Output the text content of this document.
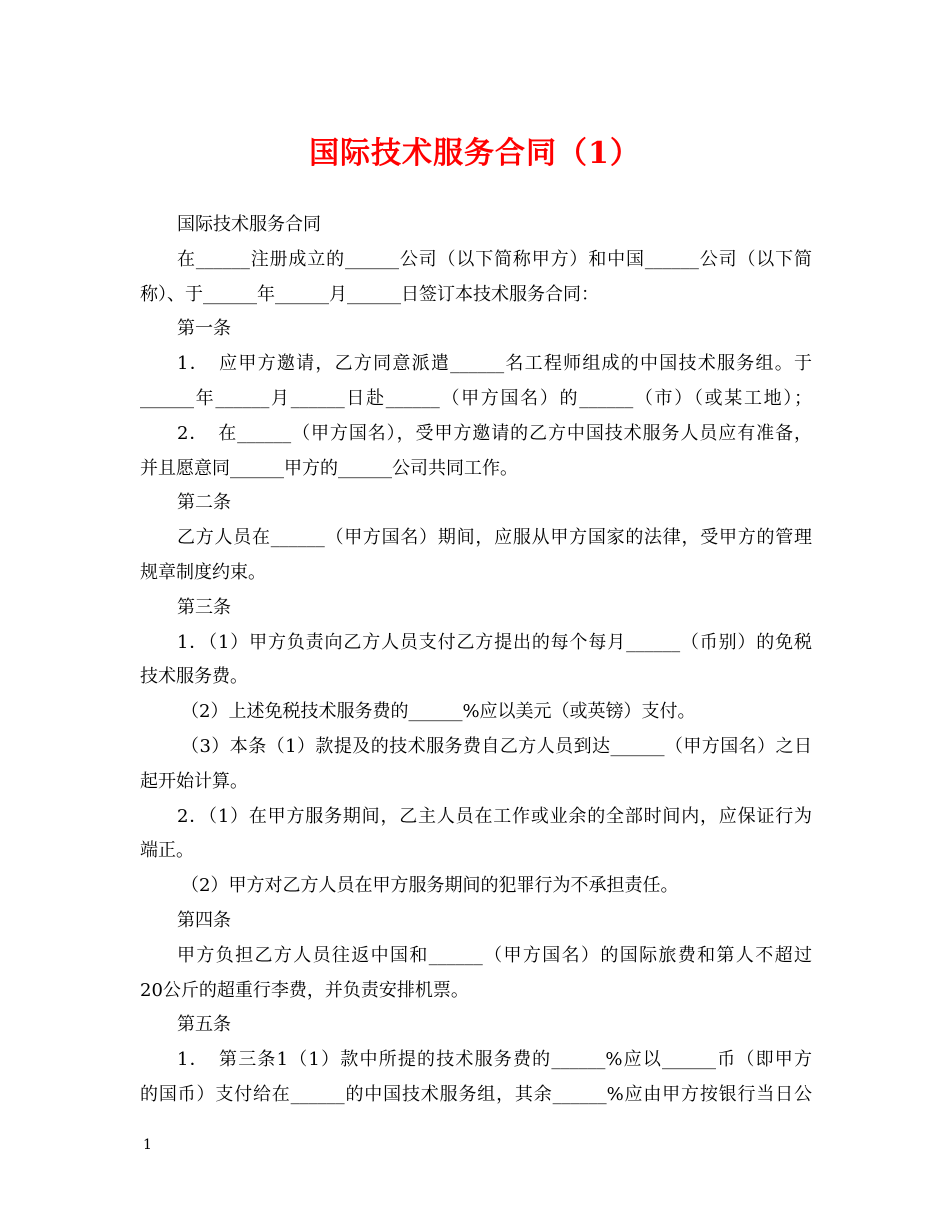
国际技术服务合同（1）
国际技术服务合同
在______注册成立的______公司（以下简称甲方）和中国______公司（以下简
称）、于______年______月______日签订本技术服务合同：
第一条
1．　应甲方邀请，乙方同意派遣______名工程师组成的中国技术服务组。于
______年______月______日赴______（甲方国名）的______（市）（或某工地）；
2．　在______（甲方国名），受甲方邀请的乙方中国技术服务人员应有准备，
并且愿意同______甲方的______公司共同工作。
第二条
乙方人员在______（甲方国名）期间，应服从甲方国家的法律，受甲方的管理
规章制度约束。
第三条
1．（1）甲方负责向乙方人员支付乙方提出的每个每月______（币别）的免税
技术服务费。
（2）上述免税技术服务费的______%应以美元（或英镑）支付。
（3）本条（1）款提及的技术服务费自乙方人员到达______（甲方国名）之日
起开始计算。
2．（1）在甲方服务期间，乙主人员在工作或业余的全部时间内，应保证行为
端正。
（2）甲方对乙方人员在甲方服务期间的犯罪行为不承担责任。
第四条
甲方负担乙方人员往返中国和______（甲方国名）的国际旅费和第人不超过
20公斤的超重行李费，并负责安排机票。
第五条
1．　第三条1（1）款中所提的技术服务费的______%应以______币（即甲方
的国币）支付给在______的中国技术服务组，其余______%应由甲方按银行当日公
1
